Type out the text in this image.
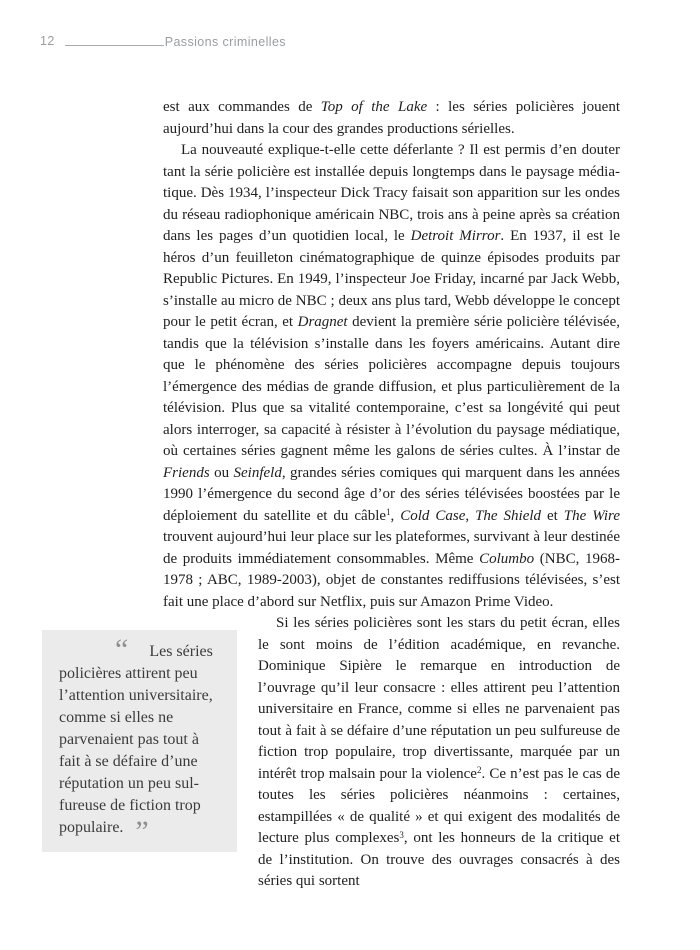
12	Passions criminelles

est aux commandes de Top of the Lake : les séries policières jouent aujourd’hui dans la cour des grandes productions sérielles.

La nouveauté explique-t-elle cette déferlante ? Il est permis d’en douter tant la série policière est installée depuis longtemps dans le paysage médiatique. Dès 1934, l’inspecteur Dick Tracy faisait son apparition sur les ondes du réseau radiophonique américain NBC, trois ans à peine après sa création dans les pages d’un quotidien local, le Detroit Mirror. En 1937, il est le héros d’un feuilleton cinématographique de quinze épisodes produits par Republic Pictures. En 1949, l’inspecteur Joe Friday, incarné par Jack Webb, s’installe au micro de NBC ; deux ans plus tard, Webb développe le concept pour le petit écran, et Dragnet devient la première série policière télévisée, tandis que la télévision s’installe dans les foyers américains. Autant dire que le phénomène des séries policières accompagne depuis toujours l’émergence des médias de grande diffusion, et plus particulièrement de la télévision. Plus que sa vitalité contemporaine, c’est sa longévité qui peut alors interroger, sa capacité à résister à l’évolution du paysage médiatique, où certaines séries gagnent même les galons de séries cultes. À l’instar de Friends ou Seinfeld, grandes séries comiques qui marquent dans les années 1990 l’émergence du second âge d’or des séries télévisées boostées par le déploiement du satellite et du câble$^1$, Cold Case, The Shield et The Wire trouvent aujourd’hui leur place sur les plateformes, survivant à leur destinée de produits immédiatement consommables. Même Columbo (NBC, 1968-1978 ; ABC, 1989-2003), objet de constantes rediffusions télévisées, s’est fait une place d’abord sur Netflix, puis sur Amazon Prime Video.

“ Les séries policières attirent peu l’attention universitaire, comme si elles ne parvenaient pas tout à fait à se défaire d’une réputation un peu sulfureuse de fiction trop populaire. ”

Si les séries policières sont les stars du petit écran, elles le sont moins de l’édition académique, en revanche. Dominique Sipière le remarque en introduction de l’ouvrage qu’il leur consacre : elles attirent peu l’attention universitaire en France, comme si elles ne parvenaient pas tout à fait à se défaire d’une réputation un peu sulfureuse de fiction trop populaire, trop divertissante, marquée par un intérêt trop malsain pour la violence$^2$. Ce n’est pas le cas de toutes les séries policières néanmoins : certaines, estampillées « de qualité » et qui exigent des modalités de lecture plus complexes$^3$, ont les honneurs de la critique et de l’institution. On trouve des ouvrages consacrés à des séries qui sortent
